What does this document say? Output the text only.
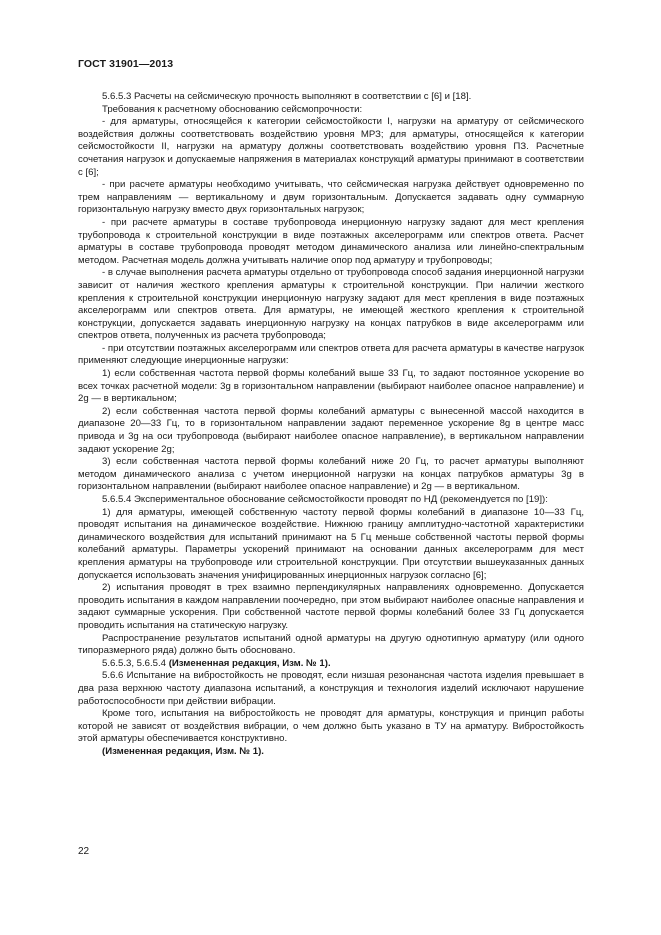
ГОСТ 31901—2013

5.6.5.3 Расчеты на сейсмическую прочность выполняют в соответствии с [6] и [18].

Требования к расчетному обоснованию сейсмопрочности:

- для арматуры, относящейся к категории сейсмостойкости I, нагрузки на арматуру от сейсмического воздействия должны соответствовать воздействию уровня МРЗ; для арматуры, относящейся к категории сейсмостойкости II, нагрузки на арматуру должны соответствовать воздействию уровня ПЗ. Расчетные сочетания нагрузок и допускаемые напряжения в материалах конструкций арматуры принимают в соответствии с [6];

- при расчете арматуры необходимо учитывать, что сейсмическая нагрузка действует одновременно по трем направлениям — вертикальному и двум горизонтальным. Допускается задавать одну суммарную горизонтальную нагрузку вместо двух горизонтальных нагрузок;

- при расчете арматуры в составе трубопровода инерционную нагрузку задают для мест крепления трубопровода к строительной конструкции в виде поэтажных акселерограмм или спектров ответа. Расчет арматуры в составе трубопровода проводят методом динамического анализа или линейно-спектральным методом. Расчетная модель должна учитывать наличие опор под арматуру и трубопроводы;

- в случае выполнения расчета арматуры отдельно от трубопровода способ задания инерционной нагрузки зависит от наличия жесткого крепления арматуры к строительной конструкции. При наличии жесткого крепления к строительной конструкции инерционную нагрузку задают для мест крепления в виде поэтажных акселерограмм или спектров ответа. Для арматуры, не имеющей жесткого крепления к строительной конструкции, допускается задавать инерционную нагрузку на концах патрубков в виде акселерограмм или спектров ответа, полученных из расчета трубопровода;

- при отсутствии поэтажных акселерограмм или спектров ответа для расчета арматуры в качестве нагрузок применяют следующие инерционные нагрузки:

1) если собственная частота первой формы колебаний выше 33 Гц, то задают постоянное ускорение во всех точках расчетной модели: 3g в горизонтальном направлении (выбирают наиболее опасное направление) и 2g — в вертикальном;

2) если собственная частота первой формы колебаний арматуры с вынесенной массой находится в диапазоне 20—33 Гц, то в горизонтальном направлении задают переменное ускорение 8g в центре масс привода и 3g на оси трубопровода (выбирают наиболее опасное направление), в вертикальном направлении задают ускорение 2g;

3) если собственная частота первой формы колебаний ниже 20 Гц, то расчет арматуры выполняют методом динамического анализа с учетом инерционной нагрузки на концах патрубков арматуры 3g в горизонтальном направлении (выбирают наиболее опасное направление) и 2g — в вертикальном.

5.6.5.4 Экспериментальное обоснование сейсмостойкости проводят по НД (рекомендуется по [19]):

1) для арматуры, имеющей собственную частоту первой формы колебаний в диапазоне 10—33 Гц, проводят испытания на динамическое воздействие. Нижнюю границу амплитудно-частотной характеристики динамического воздействия для испытаний принимают на 5 Гц меньше собственной частоты первой формы колебаний арматуры. Параметры ускорений принимают на основании данных акселерограмм для мест крепления арматуры на трубопроводе или строительной конструкции. При отсутствии вышеуказанных данных допускается использовать значения унифицированных инерционных нагрузок согласно [6];

2) испытания проводят в трех взаимно перпендикулярных направлениях одновременно. Допускается проводить испытания в каждом направлении поочередно, при этом выбирают наиболее опасные направления и задают суммарные ускорения. При собственной частоте первой формы колебаний более 33 Гц допускается проводить испытания на статическую нагрузку.

Распространение результатов испытаний одной арматуры на другую однотипную арматуру (или одного типоразмерного ряда) должно быть обосновано.

5.6.5.3, 5.6.5.4 (Измененная редакция, Изм. № 1).

5.6.6 Испытание на вибростойкость не проводят, если низшая резонансная частота изделия превышает в два раза верхнюю частоту диапазона испытаний, а конструкция и технология изделий исключают нарушение работоспособности при действии вибрации.

Кроме того, испытания на вибростойкость не проводят для арматуры, конструкция и принцип работы которой не зависят от воздействия вибрации, о чем должно быть указано в ТУ на арматуру. Вибростойкость этой арматуры обеспечивается конструктивно.

(Измененная редакция, Изм. № 1).

22
